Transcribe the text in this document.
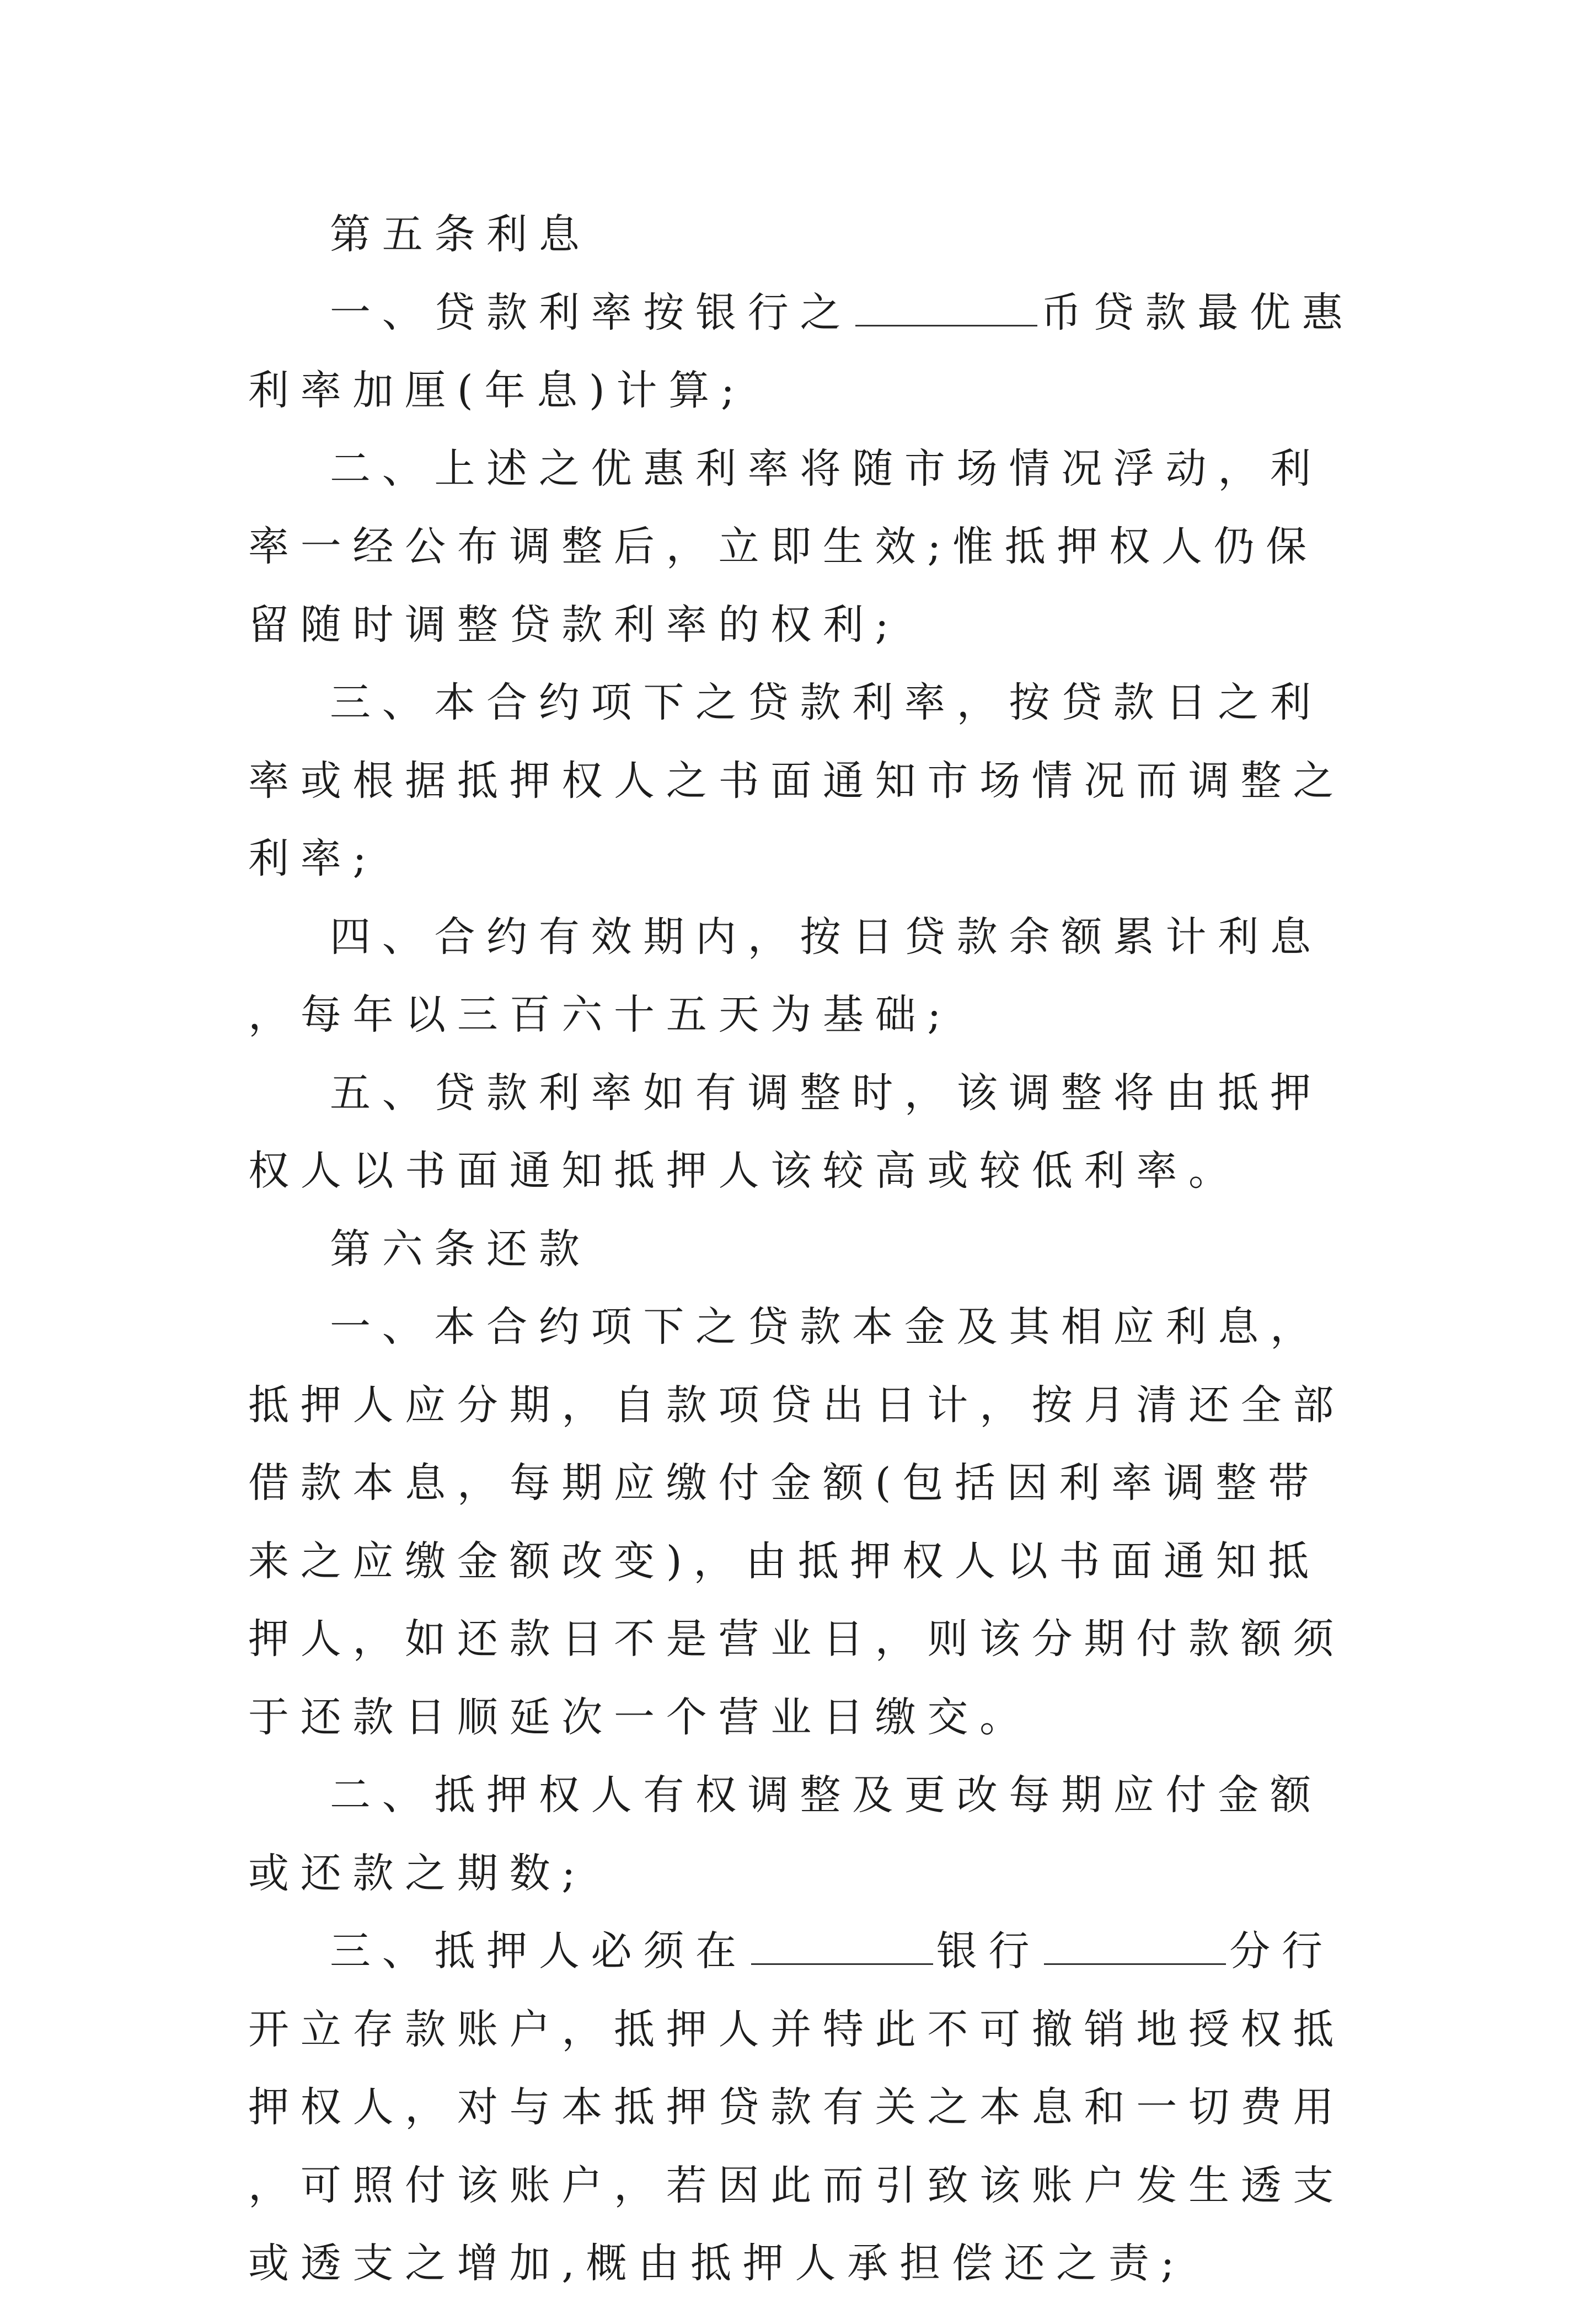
第五条利息

一、贷款利率按银行之	币贷款最优惠利率加厘(年息)计算;

二、上述之优惠利率将随市场情况浮动，利率一经公布调整后，立即生效;惟抵押权人仍保留随时调整贷款利率的权利;

三、本合约项下之贷款利率，按贷款日之利率或根据抵押权人之书面通知市场情况而调整之利率;

四、合约有效期内，按日贷款余额累计利息，每年以三百六十五天为基础;

五、贷款利率如有调整时，该调整将由抵押权人以书面通知抵押人该较高或较低利率。

第六条还款

一、本合约项下之贷款本金及其相应利息，抵押人应分期，自款项贷出日计，按月清还全部借款本息，每期应缴付金额(包括因利率调整带来之应缴金额改变)，由抵押权人以书面通知抵押人，如还款日不是营业日，则该分期付款额须于还款日顺延次一个营业日缴交。

二、抵押权人有权调整及更改每期应付金额或还款之期数;

三、抵押人必须在	银行	分行开立存款账户，抵押人并特此不可撤销地授权抵押权人，对与本抵押贷款有关之本息和一切费用，可照付该账户，若因此而引致该账户发生透支或透支之增加,概由抵押人承担偿还之责;
